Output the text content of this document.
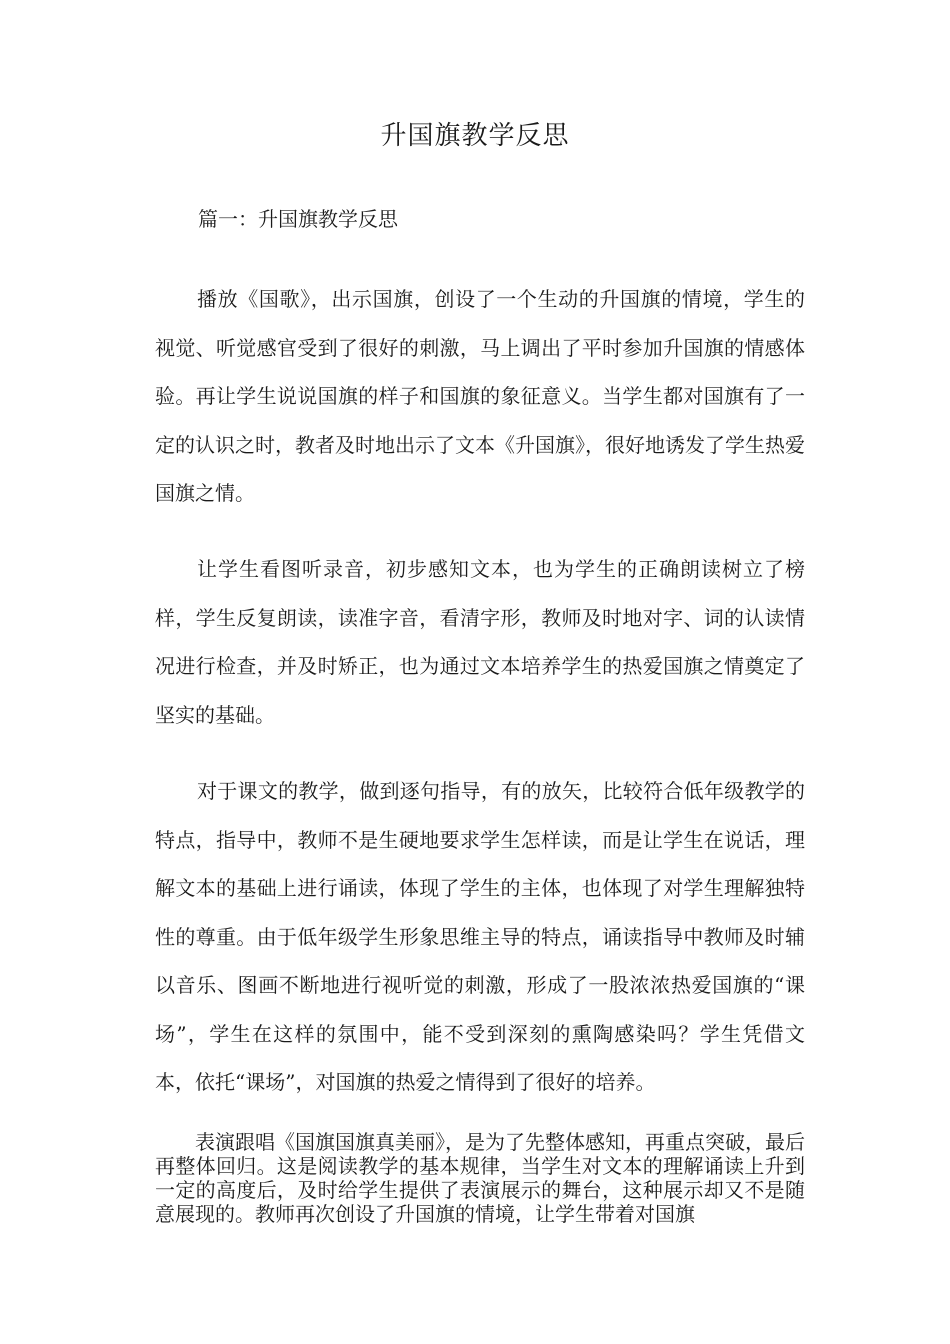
升国旗教学反思
篇一：升国旗教学反思

播放《国歌》，出示国旗，创设了一个生动的升国旗的情境，学生的视觉、听觉感官受到了很好的刺激，马上调出了平时参加升国旗的情感体验。再让学生说说国旗的样子和国旗的象征意义。当学生都对国旗有了一定的认识之时，教者及时地出示了文本《升国旗》，很好地诱发了学生热爱国旗之情。

让学生看图听录音，初步感知文本，也为学生的正确朗读树立了榜样，学生反复朗读，读准字音，看清字形，教师及时地对字、词的认读情况进行检查，并及时矫正，也为通过文本培养学生的热爱国旗之情奠定了坚实的基础。

对于课文的教学，做到逐句指导，有的放矢，比较符合低年级教学的特点，指导中，教师不是生硬地要求学生怎样读，而是让学生在说话，理解文本的基础上进行诵读，体现了学生的主体，也体现了对学生理解独特性的尊重。由于低年级学生形象思维主导的特点，诵读指导中教师及时辅以音乐、图画不断地进行视听觉的刺激，形成了一股浓浓热爱国旗的“课场”，学生在这样的氛围中，能不受到深刻的熏陶感染吗？学生凭借文本，依托“课场”，对国旗的热爱之情得到了很好的培养。

表演跟唱《国旗国旗真美丽》，是为了先整体感知，再重点突破，最后再整体回归。这是阅读教学的基本规律，当学生对文本的理解诵读上升到一定的高度后，及时给学生提供了表演展示的舞台，这种展示却又不是随意展现的。教师再次创设了升国旗的情境，让学生带着对国旗
